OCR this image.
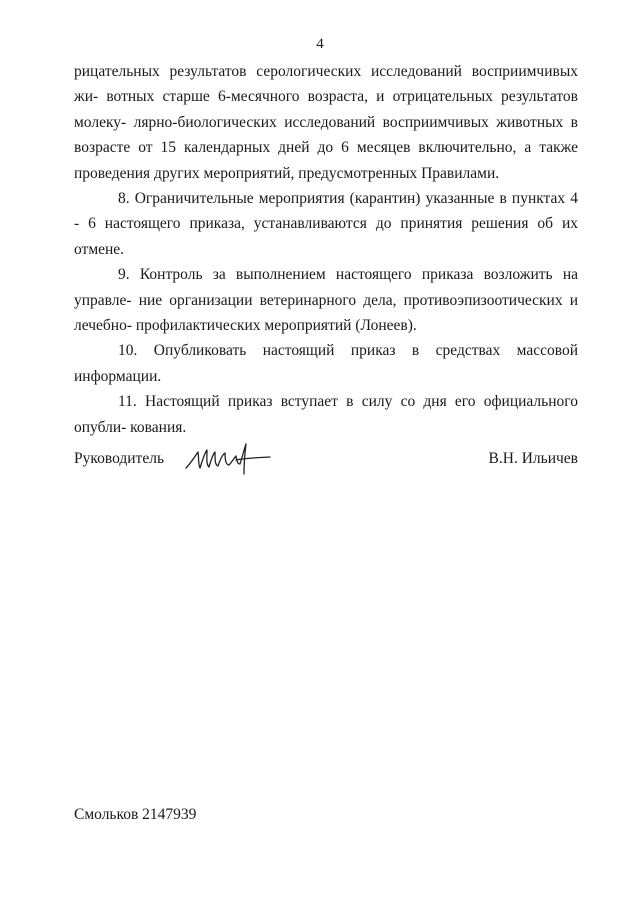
4

рицательных результатов серологических исследований восприимчивых жи- вотных старше 6-месячного возраста, и отрицательных результатов молеку- лярно-биологических исследований восприимчивых животных в возрасте от 15 календарных дней до 6 месяцев включительно, а также проведения других мероприятий, предусмотренных Правилами.

8. Ограничительные мероприятия (карантин) указанные в пунктах 4 - 6 настоящего приказа, устанавливаются до принятия решения об их отмене.

9. Контроль за выполнением настоящего приказа возложить на управле- ние организации ветеринарного дела, противоэпизоотических и лечебно- профилактических мероприятий (Лонеев).

10. Опубликовать настоящий приказ в средствах массовой информации.

11. Настоящий приказ вступает в силу со дня его официального опубли- кования.

Руководитель	В.Н. Ильичев
Смольков 2147939
